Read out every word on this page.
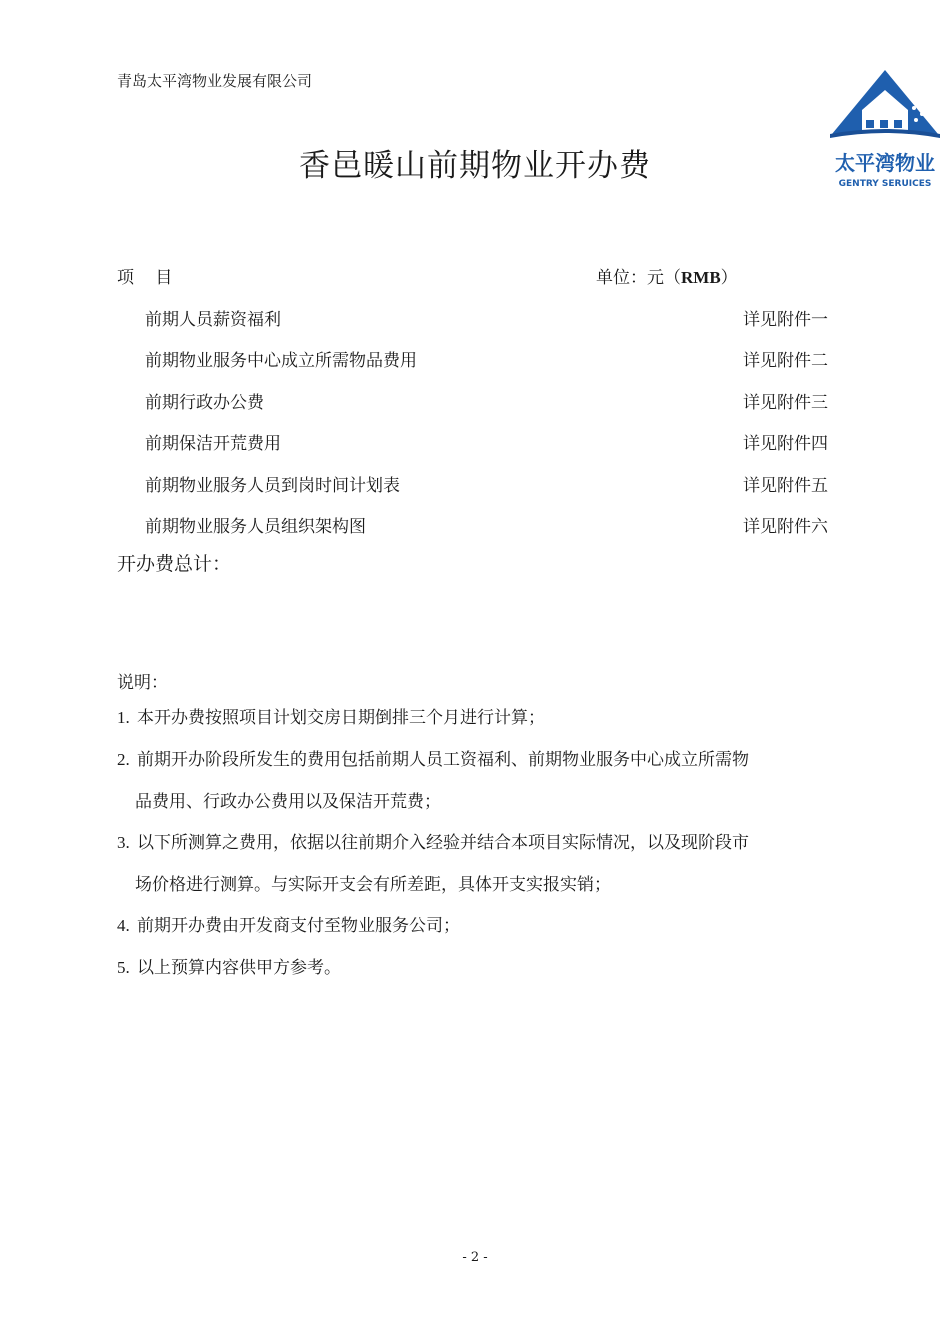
青岛太平湾物业发展有限公司
太平湾物业
GENTRY SERUICES
香邑暖山前期物业开办费
项 目	单位：元（RMB）
前期人员薪资福利	详见附件一
前期物业服务中心成立所需物品费用	详见附件二
前期行政办公费	详见附件三
前期保洁开荒费用	详见附件四
前期物业服务人员到岗时间计划表	详见附件五
前期物业服务人员组织架构图	详见附件六
开办费总计：
说明：
1. 本开办费按照项目计划交房日期倒排三个月进行计算；
2. 前期开办阶段所发生的费用包括前期人员工资福利、前期物业服务中心成立所需物
品费用、行政办公费用以及保洁开荒费；
3. 以下所测算之费用，依据以往前期介入经验并结合本项目实际情况，以及现阶段市
场价格进行测算。与实际开支会有所差距，具体开支实报实销；
4. 前期开办费由开发商支付至物业服务公司；
5. 以上预算内容供甲方参考。
- 2 -
